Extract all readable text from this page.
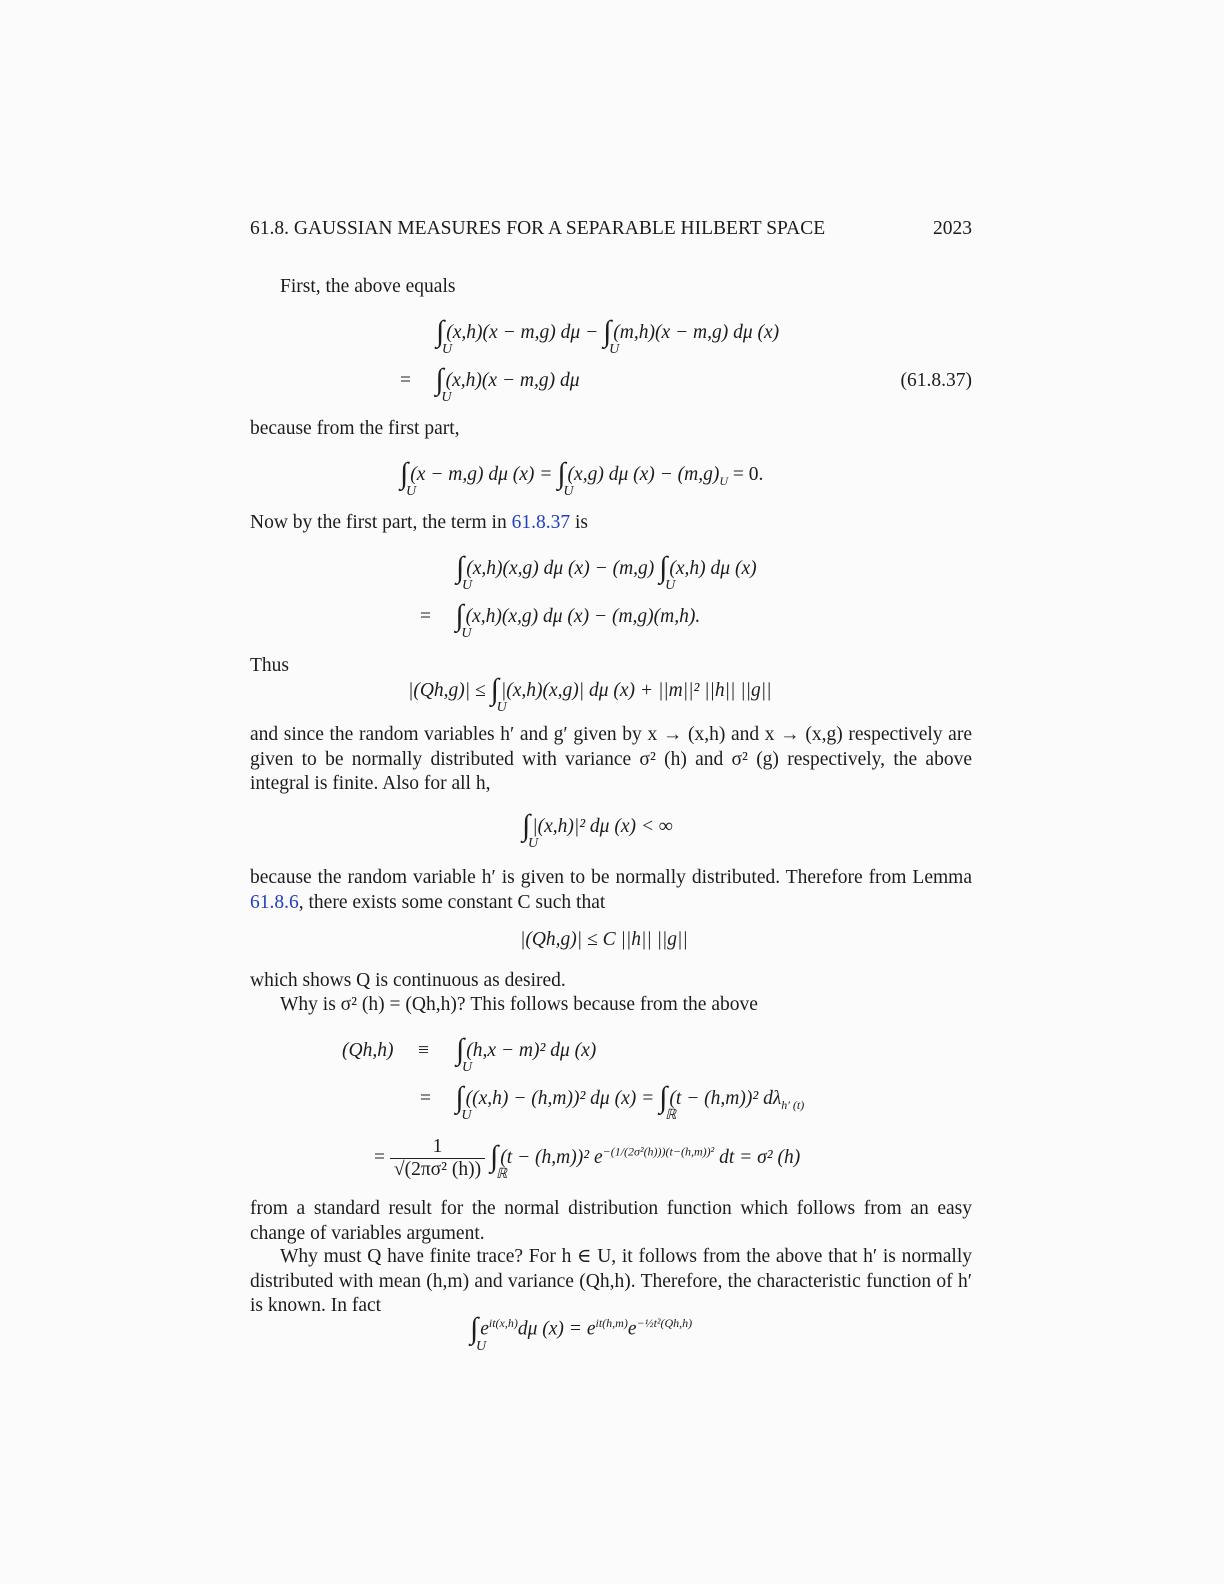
61.8. GAUSSIAN MEASURES FOR A SEPARABLE HILBERT SPACE	2023
First, the above equals
∫
U
(x,h)(x − m,g) dμ − ∫
U
(m,h)(x − m,g) dμ (x)
= ∫
U
(x,h)(x − m,g) dμ	(61.8.37)
because from the first part,
∫
U
(x − m,g) dμ (x) = ∫
U
(x,g) dμ $(x) - (m,g)_U = 0$.
Now by the first part, the term in 61.8.37 is
∫
U
(x,h)(x,g) dμ (x) − (m,g) ∫
U
(x,h) dμ (x)
= ∫
U
(x,h)(x,g) dμ (x) − (m,g)(m,h).
Thus
|(Qh,g)| ≤ ∫
U
|(x,h)(x,g)| dμ (x) + ||m||² ||h|| ||g||
and since the random variables h′ and g′ given by x → (x,h) and x → (x,g) respectively are given to be normally distributed with variance σ² (h) and σ² (g) respectively, the above integral is finite. Also for all h,
∫
U
|(x,h)|² dμ (x) < ∞
because the random variable h′ is given to be normally distributed. Therefore from Lemma 61.8.6, there exists some constant C such that
|(Qh,g)| ≤ C ||h|| ||g||
which shows Q is continuous as desired.
Why is σ² (h) = (Qh,h)? This follows because from the above
(Qh,h) ≡ ∫
U
(h,x − m)² dμ (x)
= ∫
U
((x,h) − (h,m))² dμ (x) = ∫
ℝ
(t − (h,m))² $d\lambda_{h' (t)}$
= $\frac{1}{\text{√(2πσ² (h))}}$ ∫
ℝ
(t − (h,m))² $e^{-(1/(2\sigma^2(h)))(t-(h,m))^2}$ dt = σ² (h)
from a standard result for the normal distribution function which follows from an easy change of variables argument.
Why must Q have finite trace? For h ∈ U, it follows from the above that h′ is normally distributed with mean (h,m) and variance (Qh,h). Therefore, the characteristic function of h′ is known. In fact
∫
U
$e^{it(x,h)}d\mu$ $(x) = e^{it(h,m)}e^{-\frac{1}{2}t^2(Qh,h)}$
